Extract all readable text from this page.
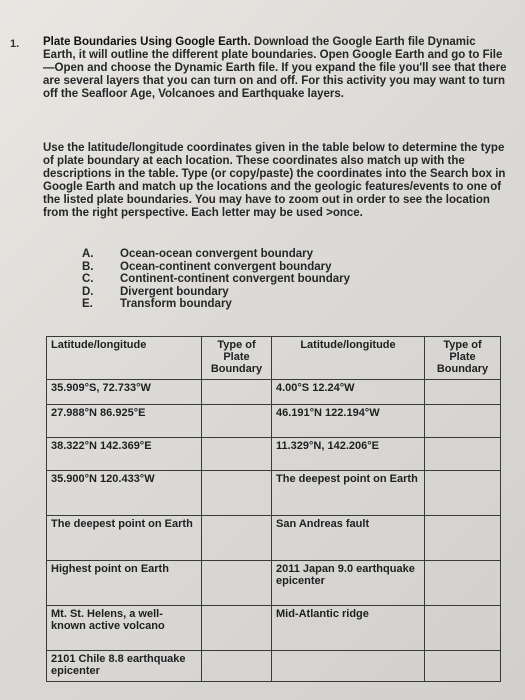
1. Plate Boundaries Using Google Earth. Download the Google Earth file Dynamic Earth, it will outline the different plate boundaries. Open Google Earth and go to File—Open and choose the Dynamic Earth file. If you expand the file you'll see that there are several layers that you can turn on and off. For this activity you may want to turn off the Seafloor Age, Volcanoes and Earthquake layers.
Use the latitude/longitude coordinates given in the table below to determine the type of plate boundary at each location. These coordinates also match up with the descriptions in the table. Type (or copy/paste) the coordinates into the Search box in Google Earth and match up the locations and the geologic features/events to one of the listed plate boundaries. You may have to zoom out in order to see the location from the right perspective. Each letter may be used >once.
A.	Ocean-ocean convergent boundary
B.	Ocean-continent convergent boundary
C.	Continent-continent convergent boundary
D.	Divergent boundary
E.	Transform boundary
Latitude/longitude	Type of Plate Boundary	Latitude/longitude	Type of Plate Boundary
35.909°S, 72.733°W		4.00°S 12.24°W	
27.988°N 86.925°E		46.191°N 122.194°W	
38.322°N 142.369°E		11.329°N, 142.206°E	
35.900°N 120.433°W		The deepest point on Earth	
The deepest point on Earth		San Andreas fault	
Highest point on Earth		2011 Japan 9.0 earthquake epicenter	
Mt. St. Helens, a well-known active volcano		Mid-Atlantic ridge	
2101 Chile 8.8 earthquake epicenter			
